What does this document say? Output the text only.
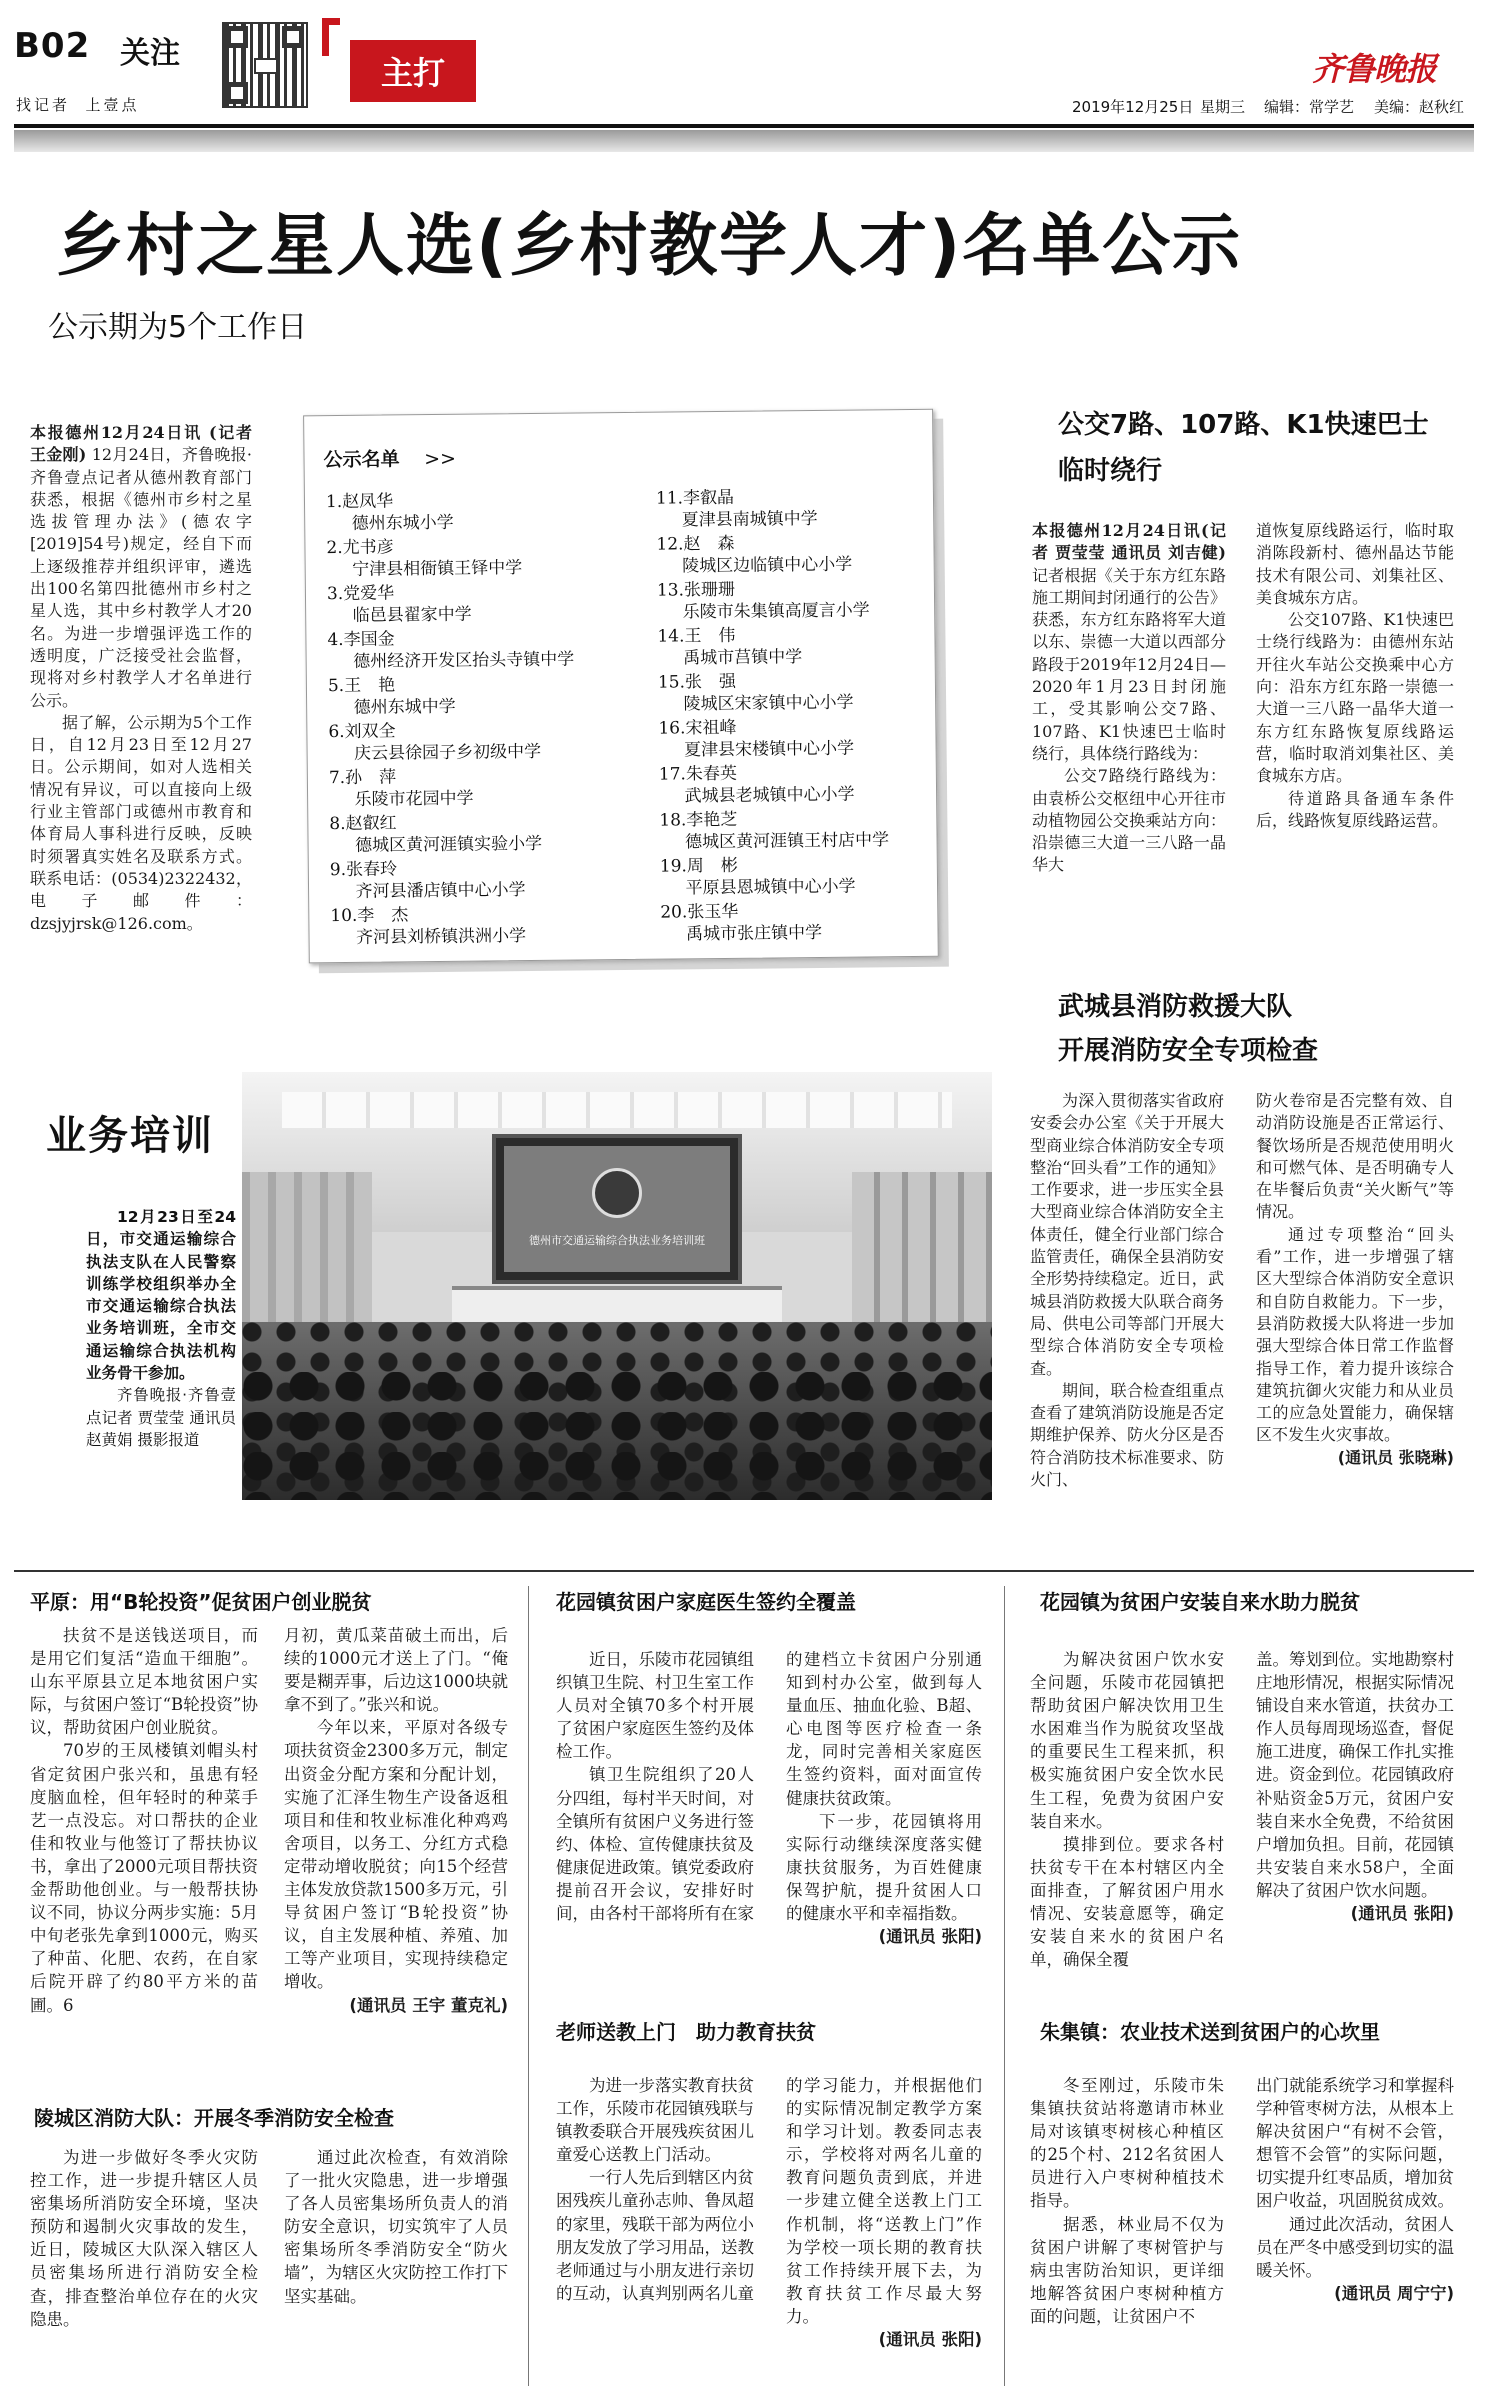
B02 关注
找记者  上壹点
主打	齐鲁晚报
2019年12月25日 星期三 编辑：常学艺 美编：赵秋红
乡村之星人选(乡村教学人才)名单公示
公示期为5个工作日
本报德州12月24日讯 (记者 王金刚) 12月24日，齐鲁晚报·齐鲁壹点记者从德州教育部门获悉，根据《德州市乡村之星选拔管理办法》(德农字[2019]54号)规定，经自下而上逐级推荐并组织评审，遴选出100名第四批德州市乡村之星人选，其中乡村教学人才20名。为进一步增强评选工作的透明度，广泛接受社会监督，现将对乡村教学人才名单进行公示。
据了解，公示期为5个工作日，自12月23日至12月27日。公示期间，如对人选相关情况有异议，可以直接向上级行业主管部门或德州市教育和体育局人事科进行反映，反映时须署真实姓名及联系方式。联系电话：(0534)2322432，电子邮件：dzsjyjrsk@126.com。
公示名单 >>
1.赵凤华
德州东城小学
2.尤书彦
宁津县相衙镇王铎中学
3.党爱华
临邑县翟家中学
4.李国金
德州经济开发区抬头寺镇中学
5.王　艳
德州东城中学
6.刘双全
庆云县徐园子乡初级中学
7.孙　萍
乐陵市花园中学
8.赵叡红
德城区黄河涯镇实验小学
9.张春玲
齐河县潘店镇中心小学
10.李　杰
齐河县刘桥镇洪洲小学
11.李叡晶
夏津县南城镇中学
12.赵　森
陵城区边临镇中心小学
13.张珊珊
乐陵市朱集镇高厦言小学
14.王　伟
禹城市莒镇中学
15.张　强
陵城区宋家镇中心小学
16.宋祖峰
夏津县宋楼镇中心小学
17.朱春英
武城县老城镇中心小学
18.李艳芝
德城区黄河涯镇王村店中学
19.周　彬
平原县恩城镇中心小学
20.张玉华
禹城市张庄镇中学
公交7路、107路、K1快速巴士
临时绕行
本报德州12月24日讯(记者 贾莹莹 通讯员 刘吉健) 记者根据《关于东方红东路施工期间封闭通行的公告》获悉，东方红东路将军大道以东、崇德一大道以西部分路段于2019年12月24日—2020年1月23日封闭施工，受其影响公交7路、107路、K1快速巴士临时绕行，具体绕行路线为：
公交7路绕行路线为：由袁桥公交枢纽中心开往市动植物园公交换乘站方向：沿崇德三大道一三八路一晶华大
道恢复原线路运行，临时取消陈段新村、德州晶达节能技术有限公司、刘集社区、美食城东方店。
公交107路、K1快速巴士绕行线路为：由德州东站开往火车站公交换乘中心方向：沿东方红东路一崇德一大道一三八路一晶华大道一东方红东路恢复原线路运营，临时取消刘集社区、美食城东方店。
待道路具备通车条件后，线路恢复原线路运营。
业务培训
12月23日至24日，市交通运输综合执法支队在人民警察训练学校组织举办全市交通运输综合执法业务培训班，全市交通运输综合执法机构业务骨干参加。
齐鲁晚报·齐鲁壹点记者 贾莹莹 通讯员 赵黄娟 摄影报道
德州市交通运输综合执法业务培训班
武城县消防救援大队
开展消防安全专项检查
为深入贯彻落实省政府安委会办公室《关于开展大型商业综合体消防安全专项整治“回头看”工作的通知》工作要求，进一步压实全县大型商业综合体消防安全主体责任，健全行业部门综合监管责任，确保全县消防安全形势持续稳定。近日，武城县消防救援大队联合商务局、供电公司等部门开展大型综合体消防安全专项检查。
期间，联合检查组重点查看了建筑消防设施是否定期维护保养、防火分区是否符合消防技术标准要求、防火门、
防火卷帘是否完整有效、自动消防设施是否正常运行、餐饮场所是否规范使用明火和可燃气体、是否明确专人在毕餐后负责“关火断气”等情况。
通过专项整治“回头看”工作，进一步增强了辖区大型综合体消防安全意识和自防自救能力。下一步，县消防救援大队将进一步加强大型综合体日常工作监督指导工作，着力提升该综合建筑抗御火灾能力和从业员工的应急处置能力，确保辖区不发生火灾事故。
(通讯员 张晓琳)
平原：用“B轮投资”促贫困户创业脱贫
扶贫不是送钱送项目，而是用它们复活“造血干细胞”。山东平原县立足本地贫困户实际，与贫困户签订“B轮投资”协议，帮助贫困户创业脱贫。
70岁的王凤楼镇刘帽头村省定贫困户张兴和，虽患有轻度脑血栓，但年轻时的种菜手艺一点没忘。对口帮扶的企业佳和牧业与他签订了帮扶协议书，拿出了2000元项目帮扶资金帮助他创业。与一般帮扶协议不同，协议分两步实施：5月中旬老张先拿到1000元，购买了种苗、化肥、农药，在自家后院开辟了约80平方米的苗圃。6
月初，黄瓜菜苗破土而出，后续的1000元才送上了门。“俺要是糊弄事，后边这1000块就拿不到了。”张兴和说。
今年以来，平原对各级专项扶贫资金2300多万元，制定出资金分配方案和分配计划，实施了汇泽生物生产设备返租项目和佳和牧业标准化种鸡鸡舍项目，以务工、分红方式稳定带动增收脱贫；向15个经营主体发放贷款1500多万元，引导贫困户签订“B轮投资”协议，自主发展种植、养殖、加工等产业项目，实现持续稳定增收。
(通讯员 王宇 董克礼)
陵城区消防大队：开展冬季消防安全检查
为进一步做好冬季火灾防控工作，进一步提升辖区人员密集场所消防安全环境，坚决预防和遏制火灾事故的发生，近日，陵城区大队深入辖区人员密集场所进行消防安全检查，排查整治单位存在的火灾隐患。
通过此次检查，有效消除了一批火灾隐患，进一步增强了各人员密集场所负责人的消防安全意识，切实筑牢了人员密集场所冬季消防安全“防火墙”，为辖区火灾防控工作打下坚实基础。
花园镇贫困户家庭医生签约全覆盖
近日，乐陵市花园镇组织镇卫生院、村卫生室工作人员对全镇70多个村开展了贫困户家庭医生签约及体检工作。
镇卫生院组织了20人分四组，每村半天时间，对全镇所有贫困户义务进行签约、体检、宣传健康扶贫及健康促进政策。镇党委政府提前召开会议，安排好时间，由各村干部将所有在家
的建档立卡贫困户分别通知到村办公室，做到每人量血压、抽血化验、B超、心电图等医疗检查一条龙，同时完善相关家庭医生签约资料，面对面宣传健康扶贫政策。
下一步，花园镇将用实际行动继续深度落实健康扶贫服务，为百姓健康保驾护航，提升贫困人口的健康水平和幸福指数。
(通讯员 张阳)
老师送教上门　助力教育扶贫
为进一步落实教育扶贫工作，乐陵市花园镇残联与镇教委联合开展残疾贫困儿童爱心送教上门活动。
一行人先后到辖区内贫困残疾儿童孙志帅、鲁凤超的家里，残联干部为两位小朋友发放了学习用品，送教老师通过与小朋友进行亲切的互动，认真判别两名儿童
的学习能力，并根据他们的实际情况制定教学方案和学习计划。教委同志表示，学校将对两名儿童的教育问题负责到底，并进一步建立健全送教上门工作机制，将“送教上门”作为学校一项长期的教育扶贫工作持续开展下去，为教育扶贫工作尽最大努力。
(通讯员 张阳)
花园镇为贫困户安装自来水助力脱贫
为解决贫困户饮水安全问题，乐陵市花园镇把帮助贫困户解决饮用卫生水困难当作为脱贫攻坚战的重要民生工程来抓，积极实施贫困户安全饮水民生工程，免费为贫困户安装自来水。
摸排到位。要求各村扶贫专干在本村辖区内全面排查，了解贫困户用水情况、安装意愿等，确定安装自来水的贫困户名单，确保全覆
盖。筹划到位。实地勘察村庄地形情况，根据实际情况铺设自来水管道，扶贫办工作人员每周现场巡查，督促施工进度，确保工作扎实推进。资金到位。花园镇政府补贴资金5万元，贫困户安装自来水全免费，不给贫困户增加负担。目前，花园镇共安装自来水58户，全面解决了贫困户饮水问题。
(通讯员 张阳)
朱集镇：农业技术送到贫困户的心坎里
冬至刚过，乐陵市朱集镇扶贫站将邀请市林业局对该镇枣树核心种植区的25个村、212名贫困人员进行入户枣树种植技术指导。
据悉，林业局不仅为贫困户讲解了枣树管护与病虫害防治知识，更详细地解答贫困户枣树种植方面的问题，让贫困户不
出门就能系统学习和掌握科学种管枣树方法，从根本上解决贫困户“有树不会管，想管不会管”的实际问题，切实提升红枣品质，增加贫困户收益，巩固脱贫成效。
通过此次活动，贫困人员在严冬中感受到切实的温暖关怀。
(通讯员 周宁宁)
